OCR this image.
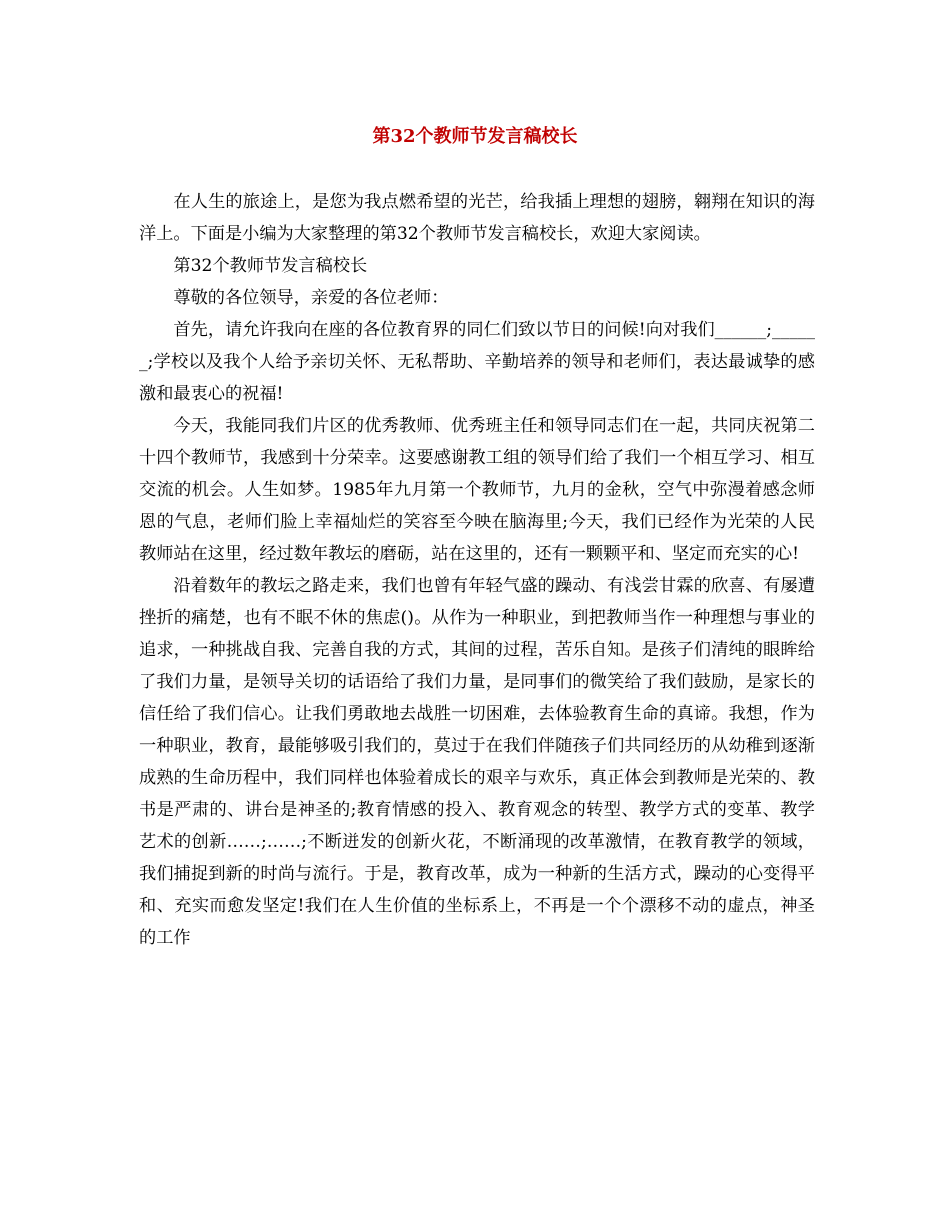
第32个教师节发言稿校长

在人生的旅途上，是您为我点燃希望的光芒，给我插上理想的翅膀，翱翔在知识的海洋上。下面是小编为大家整理的第32个教师节发言稿校长，欢迎大家阅读。

第32个教师节发言稿校长

尊敬的各位领导，亲爱的各位老师：

首先，请允许我向在座的各位教育界的同仁们致以节日的问候!向对我们______;______;学校以及我个人给予亲切关怀、无私帮助、辛勤培养的领导和老师们，表达最诚挚的感激和最衷心的祝福!

今天，我能同我们片区的优秀教师、优秀班主任和领导同志们在一起，共同庆祝第二十四个教师节，我感到十分荣幸。这要感谢教工组的领导们给了我们一个相互学习、相互交流的机会。人生如梦。1985年九月第一个教师节，九月的金秋，空气中弥漫着感念师恩的气息，老师们脸上幸福灿烂的笑容至今映在脑海里;今天，我们已经作为光荣的人民教师站在这里，经过数年教坛的磨砺，站在这里的，还有一颗颗平和、坚定而充实的心!

沿着数年的教坛之路走来，我们也曾有年轻气盛的躁动、有浅尝甘霖的欣喜、有屡遭挫折的痛楚，也有不眠不休的焦虑()。从作为一种职业，到把教师当作一种理想与事业的追求，一种挑战自我、完善自我的方式，其间的过程，苦乐自知。是孩子们清纯的眼眸给了我们力量，是领导关切的话语给了我们力量，是同事们的微笑给了我们鼓励，是家长的信任给了我们信心。让我们勇敢地去战胜一切困难，去体验教育生命的真谛。我想，作为一种职业，教育，最能够吸引我们的，莫过于在我们伴随孩子们共同经历的从幼稚到逐渐成熟的生命历程中，我们同样也体验着成长的艰辛与欢乐，真正体会到教师是光荣的、教书是严肃的、讲台是神圣的;教育情感的投入、教育观念的转型、教学方式的变革、教学艺术的创新……;……;不断迸发的创新火花，不断涌现的改革激情，在教育教学的领域，我们捕捉到新的时尚与流行。于是，教育改革，成为一种新的生活方式，躁动的心变得平和、充实而愈发坚定!我们在人生价值的坐标系上，不再是一个个漂移不动的虚点，神圣的工作
